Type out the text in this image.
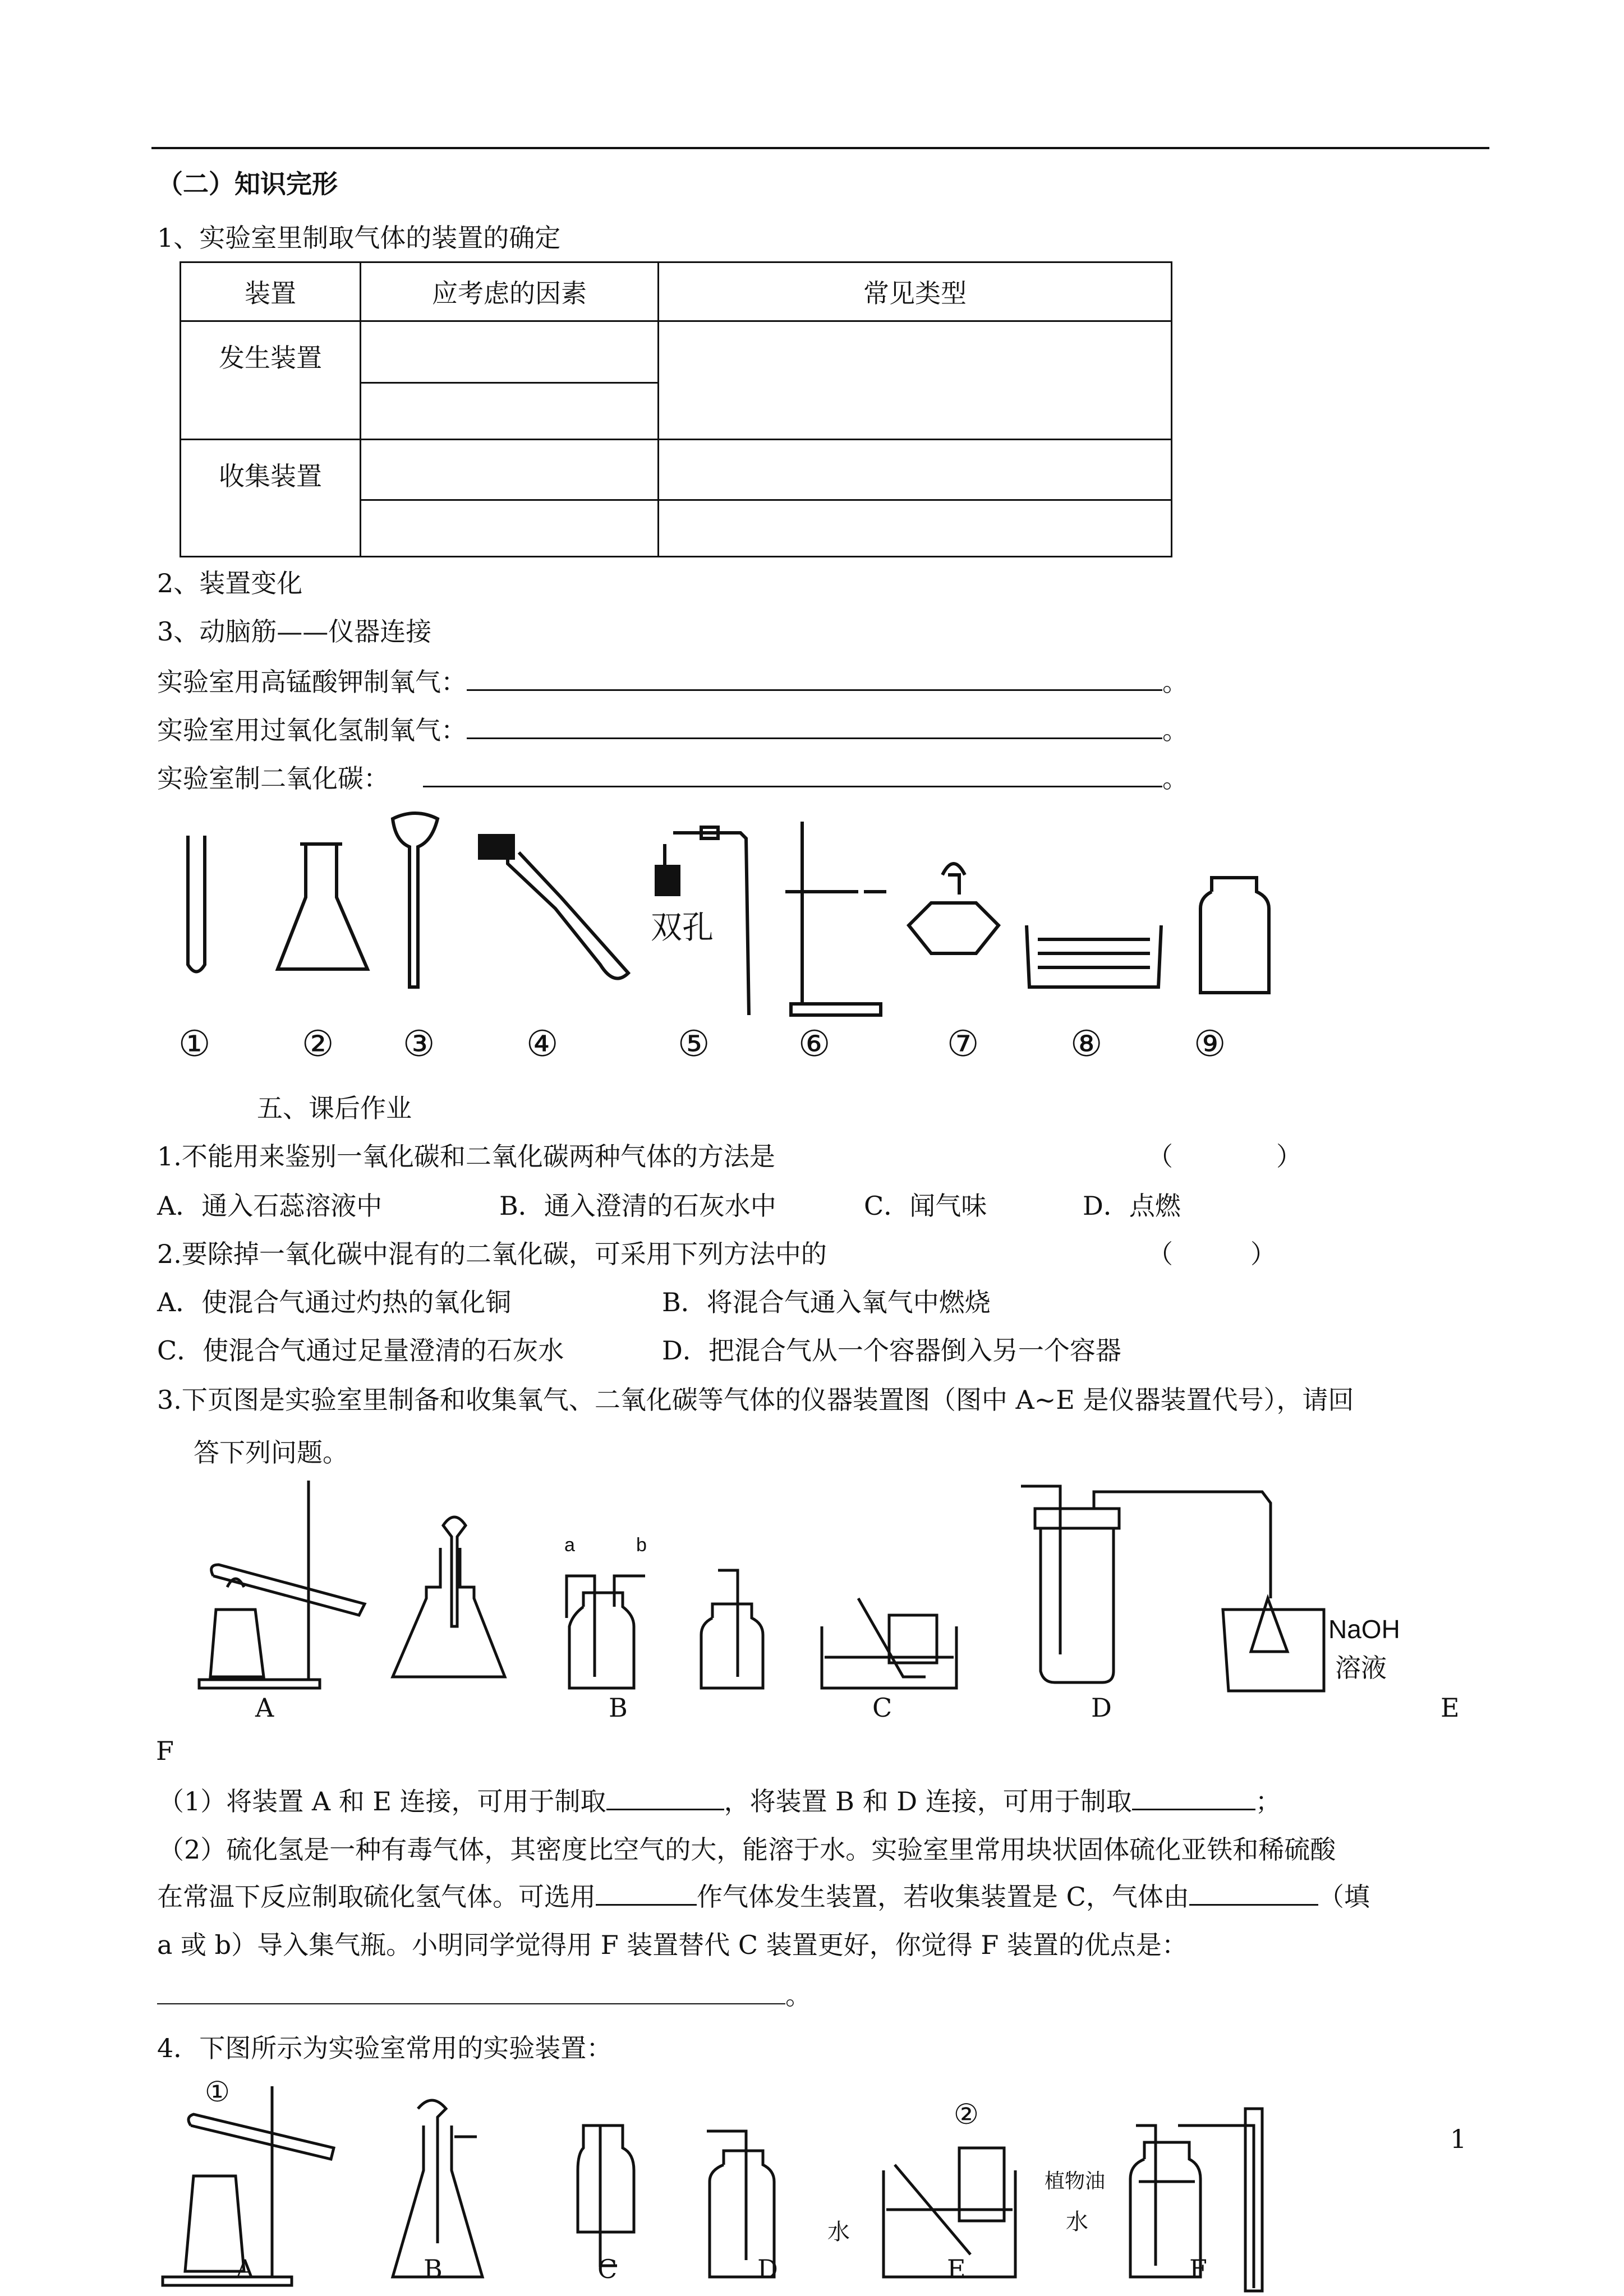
（二）知识完形
1、实验室里制取气体的装置的确定
装置	应考虑的因素	常见类型
发生装置		

收集装置		

2、装置变化
3、动脑筋——仪器连接
实验室用高锰酸钾制氧气：	。
实验室用过氧化氢制氧气：	。
实验室制二氧化碳：	。
双孔
①	② ③	④	⑤ ⑥	⑦	⑧	⑨
五、课后作业
1.不能用来鉴别一氧化碳和二氧化碳两种气体的方法是	（　　　　）
A．通入石蕊溶液中	B．通入澄清的石灰水中	C．闻气味	D．点燃
2.要除掉一氧化碳中混有的二氧化碳，可采用下列方法中的	（　　　）
A．使混合气通过灼热的氧化铜	B．将混合气通入氧气中燃烧
C．使混合气通过足量澄清的石灰水	D．把混合气从一个容器倒入另一个容器
3.下页图是实验室里制备和收集氧气、二氧化碳等气体的仪器装置图（图中 A~E 是仪器装置代号），请回
答下列问题。
a	b
NaOH
溶液
A	B	C	D	E
F
（1）将装置 A 和 E 连接，可用于制取	，将装置 B 和 D 连接，可用于制取	；
（2）硫化氢是一种有毒气体，其密度比空气的大，能溶于水。实验室里常用块状固体硫化亚铁和稀硫酸
在常温下反应制取硫化氢气体。可选用	作气体发生装置，若收集装置是 C，气体由	（填
a 或 b）导入集气瓶。小明同学觉得用 F 装置替代 C 装置更好，你觉得 F 装置的优点是：
。
4．下图所示为实验室常用的实验装置：
①
②
水
植物油
水
1
A	B	C	D	E	F
